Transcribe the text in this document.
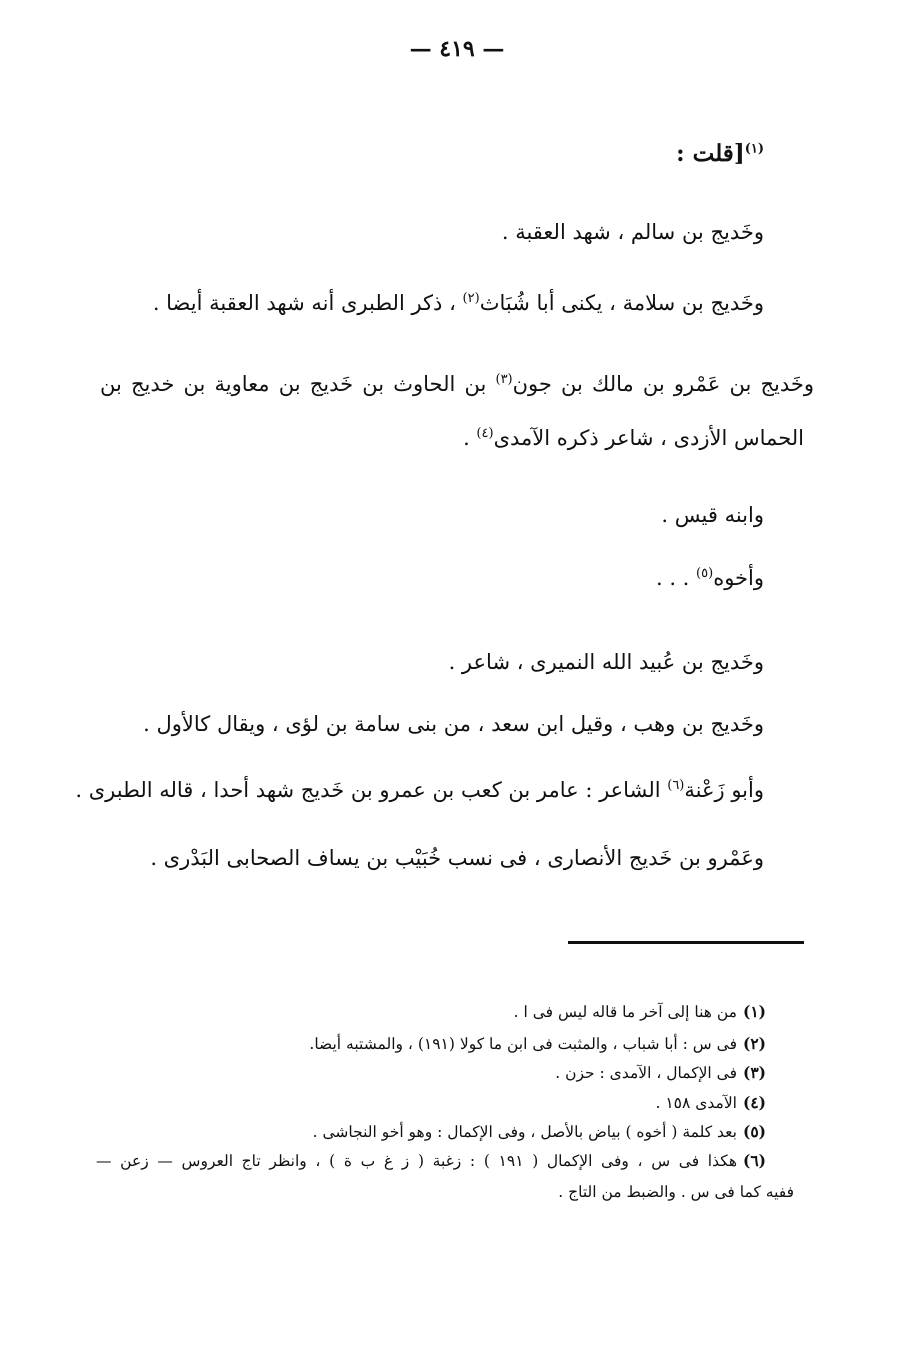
— ٤١٩ —
$^{(١)}$[قلت :
وخَديج بن سالم ، شهد العقبة .
وخَديج بن سلامة ، يكنى أبا شُبَاث$^{(٢)}$ ، ذكر الطبرى أنه شهد العقبة أيضا .
وخَديج بن عَمْرو بن مالك بن جون$^{(٣)}$ بن الحاوث بن خَديج بن معاوية بن خديج بن
الحماس الأزدى ، شاعر ذكره الآمدى$^{(٤)}$ .
وابنه قيس .
وأخوه$^{(٥)}$ . . .
وخَديج بن عُبيد الله النميرى ، شاعر .
وخَديج بن وهب ، وقيل ابن سعد ، من بنى سامة بن لؤى ، ويقال كالأول .
وأبو زَعْنة$^{(٦)}$ الشاعر : عامر بن كعب بن عمرو بن خَديج شهد أحدا ، قاله الطبرى .
وعَمْرو بن خَديج الأنصارى ، فى نسب خُبَيْب بن يساف الصحابى البَدْرى .
(١)من هنا إلى آخر ما قاله ليس فى ا .
(٢)فى س : أبا شباب ، والمثبت فى ابن ما كولا (١٩١) ، والمشتبه أيضا.
(٣)فى الإكمال ، الآمدى : حزن .
(٤)الآمدى ١٥٨ .
(٥)بعد كلمة ( أخوه ) بياض بالأصل ، وفى الإكمال : وهو أخو النجاشى .
(٦)هكذا فى س ، وفى الإكمال ( ١٩١ ) : زغبة ( ز غ ب ة ) ، وانظر تاج العروس — زعن —
ففيه كما فى س . والضبط من التاج .
